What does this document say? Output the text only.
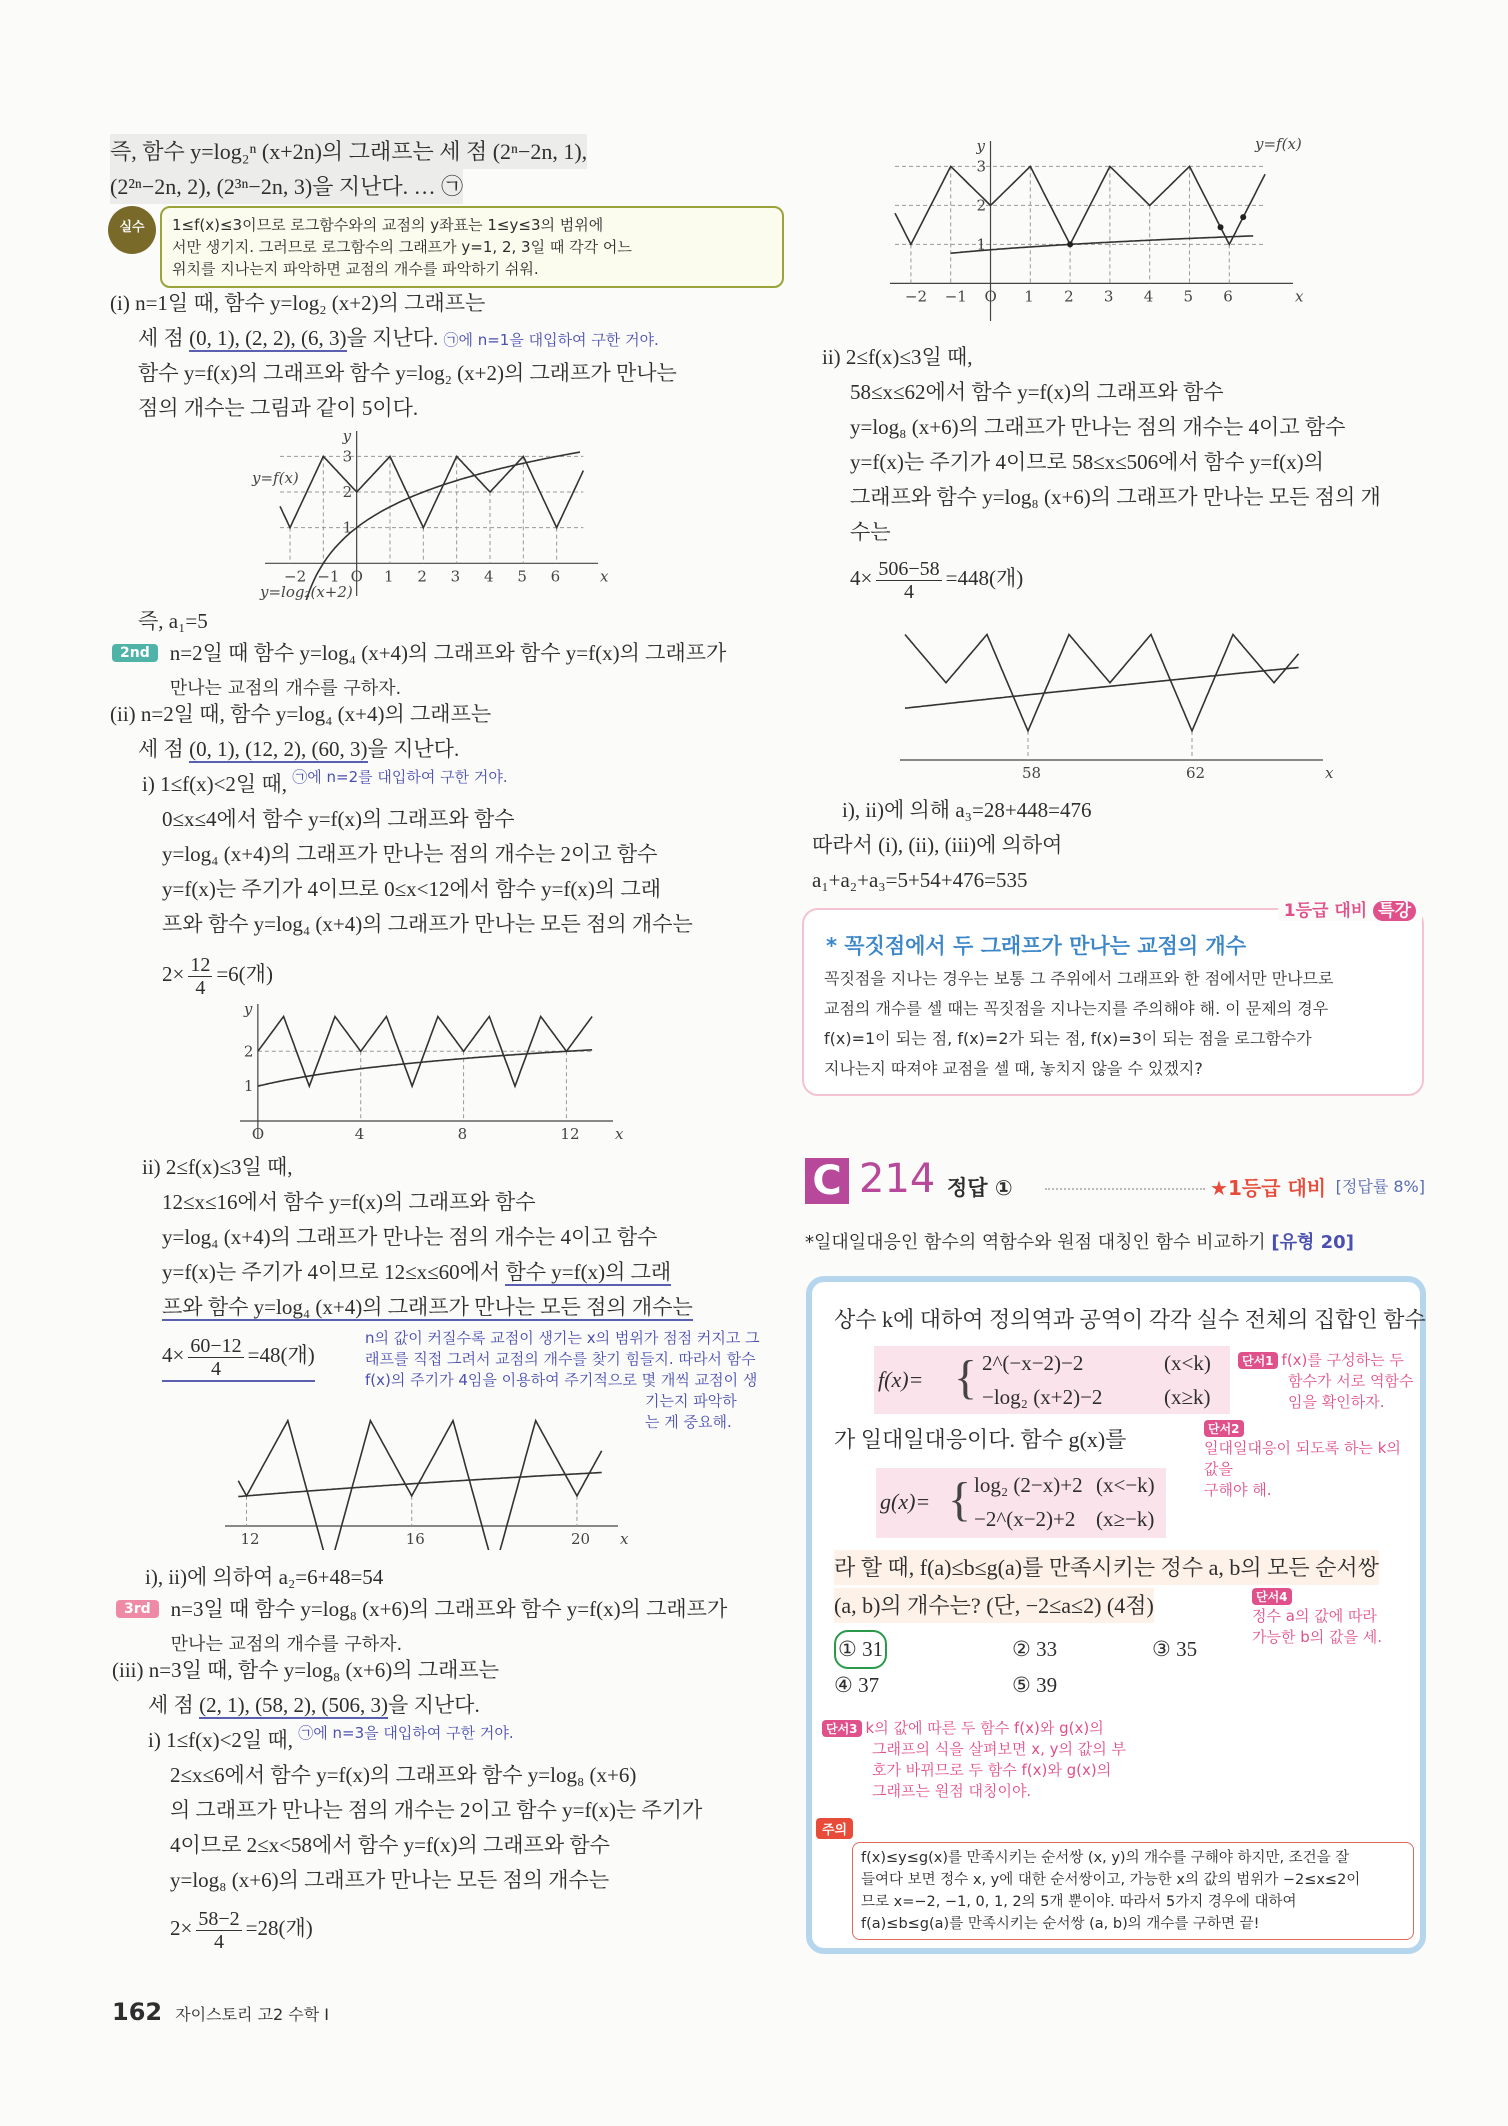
즉, 함수 y=log₂ⁿ (x+2n)의 그래프는 세 점 (2ⁿ−2n, 1),
(2²ⁿ−2n, 2), (2³ⁿ−2n, 3)을 지난다. … ㉠
실수	1≤f(x)≤3이므로 로그함수와의 교점의 y좌표는 1≤y≤3의 범위에
서만 생기지. 그러므로 로그함수의 그래프가 y=1, 2, 3일 때 각각 어느
위치를 지나는지 파악하면 교점의 개수를 파악하기 쉬워.
(i) n=1일 때, 함수 y=log₂ (x+2)의 그래프는
세 점 (0, 1), (2, 2), (6, 3)을 지난다. ㉠에 n=1을 대입하여 구한 거야.
함수 y=f(x)의 그래프와 함수 y=log₂ (x+2)의 그래프가 만나는
점의 개수는 그림과 같이 5이다.
x
y
−2 −1 O 1 2 3 4 5 6
1
2
3
y=f(x)
y=log₂(x+2)
즉, a₁=5
2nd n=2일 때 함수 y=log₄ (x+4)의 그래프와 함수 y=f(x)의 그래프가
만나는 교점의 개수를 구하자.
(ii) n=2일 때, 함수 y=log₄ (x+4)의 그래프는
세 점 (0, 1), (12, 2), (60, 3)을 지난다.
i) 1≤f(x)<2일 때, $^{㉠에 n=2를 대입하여 구한 거야.}$
0≤x≤4에서 함수 y=f(x)의 그래프와 함수
y=log₄ (x+4)의 그래프가 만나는 점의 개수는 2이고 함수
y=f(x)는 주기가 4이므로 0≤x<12에서 함수 y=f(x)의 그래
프와 함수 y=log₄ (x+4)의 그래프가 만나는 모든 점의 개수는
$2\times \frac{12}{4} =6$(개)
x
y
O	4	8	12
1
2
ii) 2≤f(x)≤3일 때,
12≤x≤16에서 함수 y=f(x)의 그래프와 함수
y=log₄ (x+4)의 그래프가 만나는 점의 개수는 4이고 함수
y=f(x)는 주기가 4이므로 12≤x≤60에서 함수 y=f(x)의 그래
프와 함수 y=log₄ (x+4)의 그래프가 만나는 모든 점의 개수는
$4\times \frac{60-12}{4} =48$(개)
n의 값이 커질수록 교점이 생기는 x의 범위가 점점 커지고 그
래프를 직접 그려서 교점의 개수를 찾기 힘들지. 따라서 함수
f(x)의 주기가 4임을 이용하여 주기적으로 몇 개씩 교점이 생
기는지 파악하
는 게 중요해.
x
12	16	20
i), ii)에 의하여 a₂=6+48=54
3rd n=3일 때 함수 y=log₈ (x+6)의 그래프와 함수 y=f(x)의 그래프가
만나는 교점의 개수를 구하자.
(iii) n=3일 때, 함수 y=log₈ (x+6)의 그래프는
세 점 (2, 1), (58, 2), (506, 3)을 지난다.
i) 1≤f(x)<2일 때, $^{㉠에 n=3을 대입하여 구한 거야.}$
2≤x≤6에서 함수 y=f(x)의 그래프와 함수 y=log₈ (x+6)
의 그래프가 만나는 점의 개수는 2이고 함수 y=f(x)는 주기가
4이므로 2≤x<58에서 함수 y=f(x)의 그래프와 함수
y=log₈ (x+6)의 그래프가 만나는 모든 점의 개수는
$2\times \frac{58-2}{4} =28$(개)
162 자이스토리 고2 수학 I
x
y
−2 −1 O 1 2 3 4 5 6
1
2
3
y=f(x)
ii) 2≤f(x)≤3일 때,
58≤x≤62에서 함수 y=f(x)의 그래프와 함수
y=log₈ (x+6)의 그래프가 만나는 점의 개수는 4이고 함수
y=f(x)는 주기가 4이므로 58≤x≤506에서 함수 y=f(x)의
그래프와 함수 y=log₈ (x+6)의 그래프가 만나는 모든 점의 개
수는
$4\times \frac{506-58}{4} =448$(개)
x
58	62
i), ii)에 의해 a₃=28+448=476
따라서 (i), (ii), (iii)에 의하여
a₁+a₂+a₃=5+54+476=535
1등급 대비 특강
* 꼭짓점에서 두 그래프가 만나는 교점의 개수
꼭짓점을 지나는 경우는 보통 그 주위에서 그래프와 한 점에서만 만나므로
교점의 개수를 셀 때는 꼭짓점을 지나는지를 주의해야 해. 이 문제의 경우
f(x)=1이 되는 점, f(x)=2가 되는 점, f(x)=3이 되는 점을 로그함수가
지나는지 따져야 교점을 셀 때, 놓치지 않을 수 있겠지?
C 214 정답 ①	★1등급 대비 [정답률 8%]
*일대일대응인 함수의 역함수와 원점 대칭인 함수 비교하기 [유형 20]
상수 k에 대하여 정의역과 공역이 각각 실수 전체의 집합인 함수
f(x)= { 2^(−x−2)−2	(x<k)
−log₂ (x+2)−2	(x≥k)
단서1 f(x)를 구성하는 두
함수가 서로 역함수
임을 확인하자.
가 일대일대응이다. 함수 g(x)를	단서2
일대일대응이 되도록 하는 k의 값을
구해야 해.
g(x)= { log₂ (2−x)+2 (x<−k)
−2^(x−2)+2 (x≥−k)
라 할 때, f(a)≤b≤g(a)를 만족시키는 정수 a, b의 모든 순서쌍
(a, b)의 개수는? (단, −2≤a≤2) (4점)	단서4
정수 a의 값에 따라
가능한 b의 값을 세.
① 31	② 33	③ 35
④ 37	⑤ 39
단서3 k의 값에 따른 두 함수 f(x)와 g(x)의
그래프의 식을 살펴보면 x, y의 값의 부
호가 바뀌므로 두 함수 f(x)와 g(x)의
그래프는 원점 대칭이야.
주의
f(x)≤y≤g(x)를 만족시키는 순서쌍 (x, y)의 개수를 구해야 하지만, 조건을 잘
들여다 보면 정수 x, y에 대한 순서쌍이고, 가능한 x의 값의 범위가 −2≤x≤2이
므로 x=−2, −1, 0, 1, 2의 5개 뿐이야. 따라서 5가지 경우에 대하여
f(a)≤b≤g(a)를 만족시키는 순서쌍 (a, b)의 개수를 구하면 끝!
